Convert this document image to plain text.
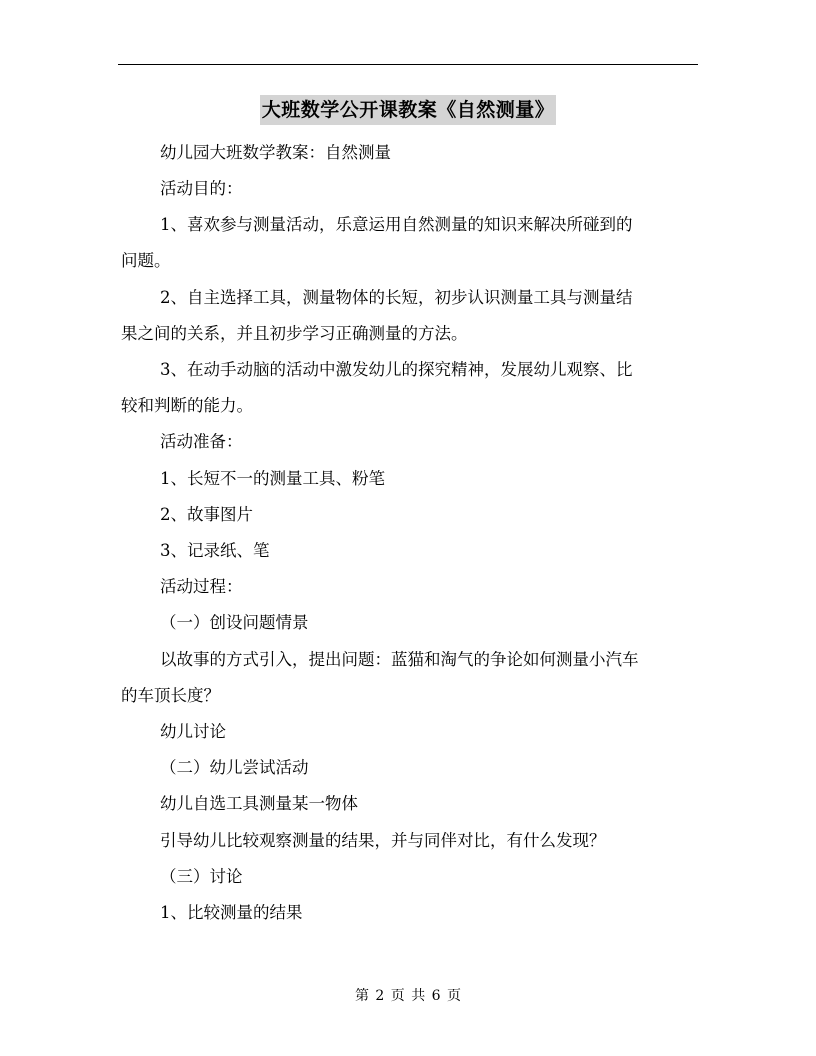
大班数学公开课教案《自然测量》
幼儿园大班数学教案：自然测量
活动目的：
1、喜欢参与测量活动，乐意运用自然测量的知识来解决所碰到的
问题。
2、自主选择工具，测量物体的长短，初步认识测量工具与测量结
果之间的关系，并且初步学习正确测量的方法。
3、在动手动脑的活动中激发幼儿的探究精神，发展幼儿观察、比
较和判断的能力。
活动准备：
1、长短不一的测量工具、粉笔
2、故事图片
3、记录纸、笔
活动过程：
（一）创设问题情景
以故事的方式引入，提出问题：蓝猫和淘气的争论如何测量小汽车
的车顶长度？
幼儿讨论
（二）幼儿尝试活动
幼儿自选工具测量某一物体
引导幼儿比较观察测量的结果，并与同伴对比，有什么发现？
（三）讨论
1、比较测量的结果
第 2 页 共 6 页
